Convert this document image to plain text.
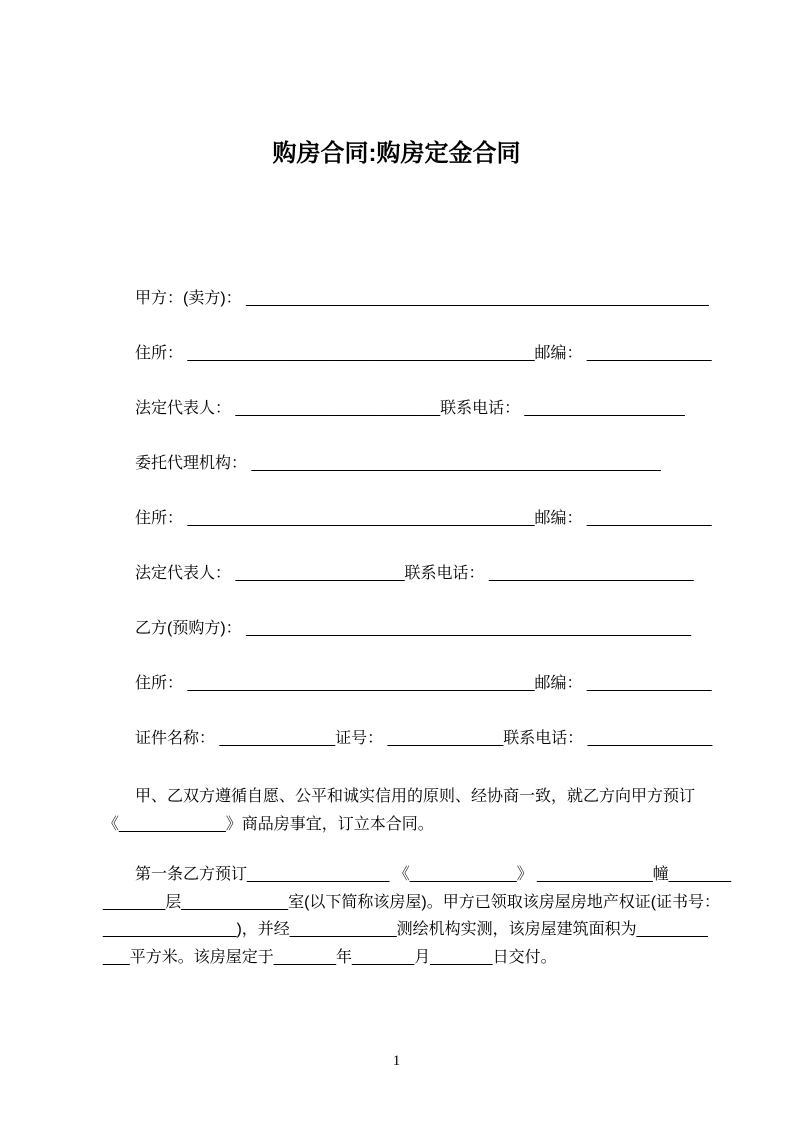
购房合同:购房定金合同
甲方：(卖方)： ____________________________________________________
住所： _______________________________________邮编： ______________
法定代表人： _______________________联系电话： __________________
委托代理机构： ______________________________________________
住所： _______________________________________邮编： ______________
法定代表人： ___________________联系电话： _______________________
乙方(预购方)： __________________________________________________
住所： _______________________________________邮编： ______________
证件名称： _____________证号： _____________联系电话： ______________
甲、乙双方遵循自愿、公平和诚实信用的原则、经协商一致，就乙方向甲方预订
《____________》商品房事宜，订立本合同。
第一条乙方预订________________ 《____________》 _____________幢_______
_______层____________室(以下简称该房屋)。甲方已领取该房屋房地产权证(证书号：
_______________)，并经____________测绘机构实测，该房屋建筑面积为________
___平方米。该房屋定于_______年_______月_______日交付。
1
